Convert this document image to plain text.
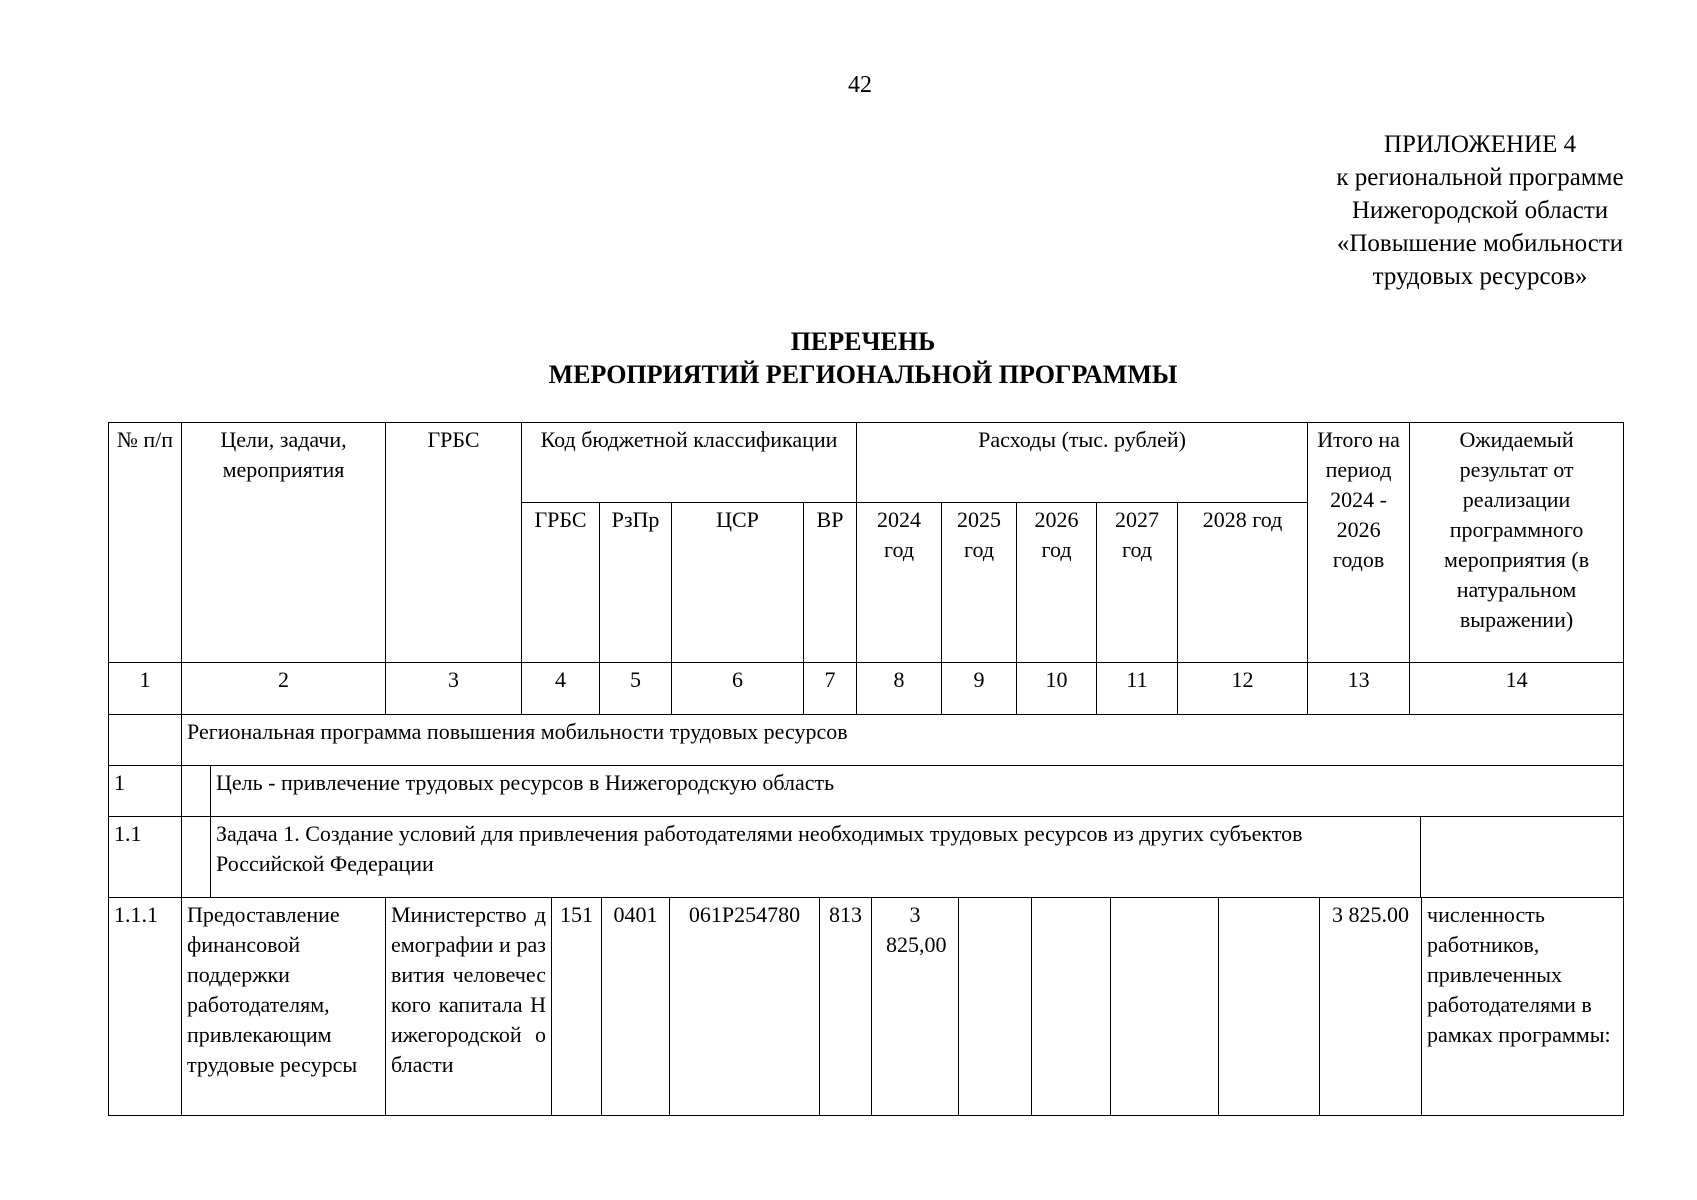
42
ПРИЛОЖЕНИЕ 4
к региональной программе
Нижегородской области
«Повышение мобильности
трудовых ресурсов»
ПЕРЕЧЕНЬ
МЕРОПРИЯТИЙ РЕГИОНАЛЬНОЙ ПРОГРАММЫ
№ п/п	Цели, задачи, мероприятия	ГРБС	Код бюджетной классификации				Расходы (тыс. рублей)					Итого на период 2024 - 2026 годов	Ожидаемый результат от реализации программного мероприятия (в натуральном выражении)
			ГРБС	РзПр	ЦСР	ВР	2024 год	2025 год	2026 год	2027 год	2028 год		
1	2	3	4	5	6	7	8	9	10	11	12	13	14
	Региональная программа повышения мобильности трудовых ресурсов	
1		Цель - привлечение трудовых ресурсов в Нижегородскую область
1.1		Задача 1. Создание условий для привлечения работодателями необходимых трудовых ресурсов из других субъектов Российской Федерации	
1.1.1	Предоставление финансовой поддержки работодателям, привлекающим трудовые ресурсы	Министерство демографии и развития человеческого капитала Нижегородской области	151	0401	061Р254780	813	3 825,00					3 825.00	численность работников, привлеченных работодателями в рамках программы:
